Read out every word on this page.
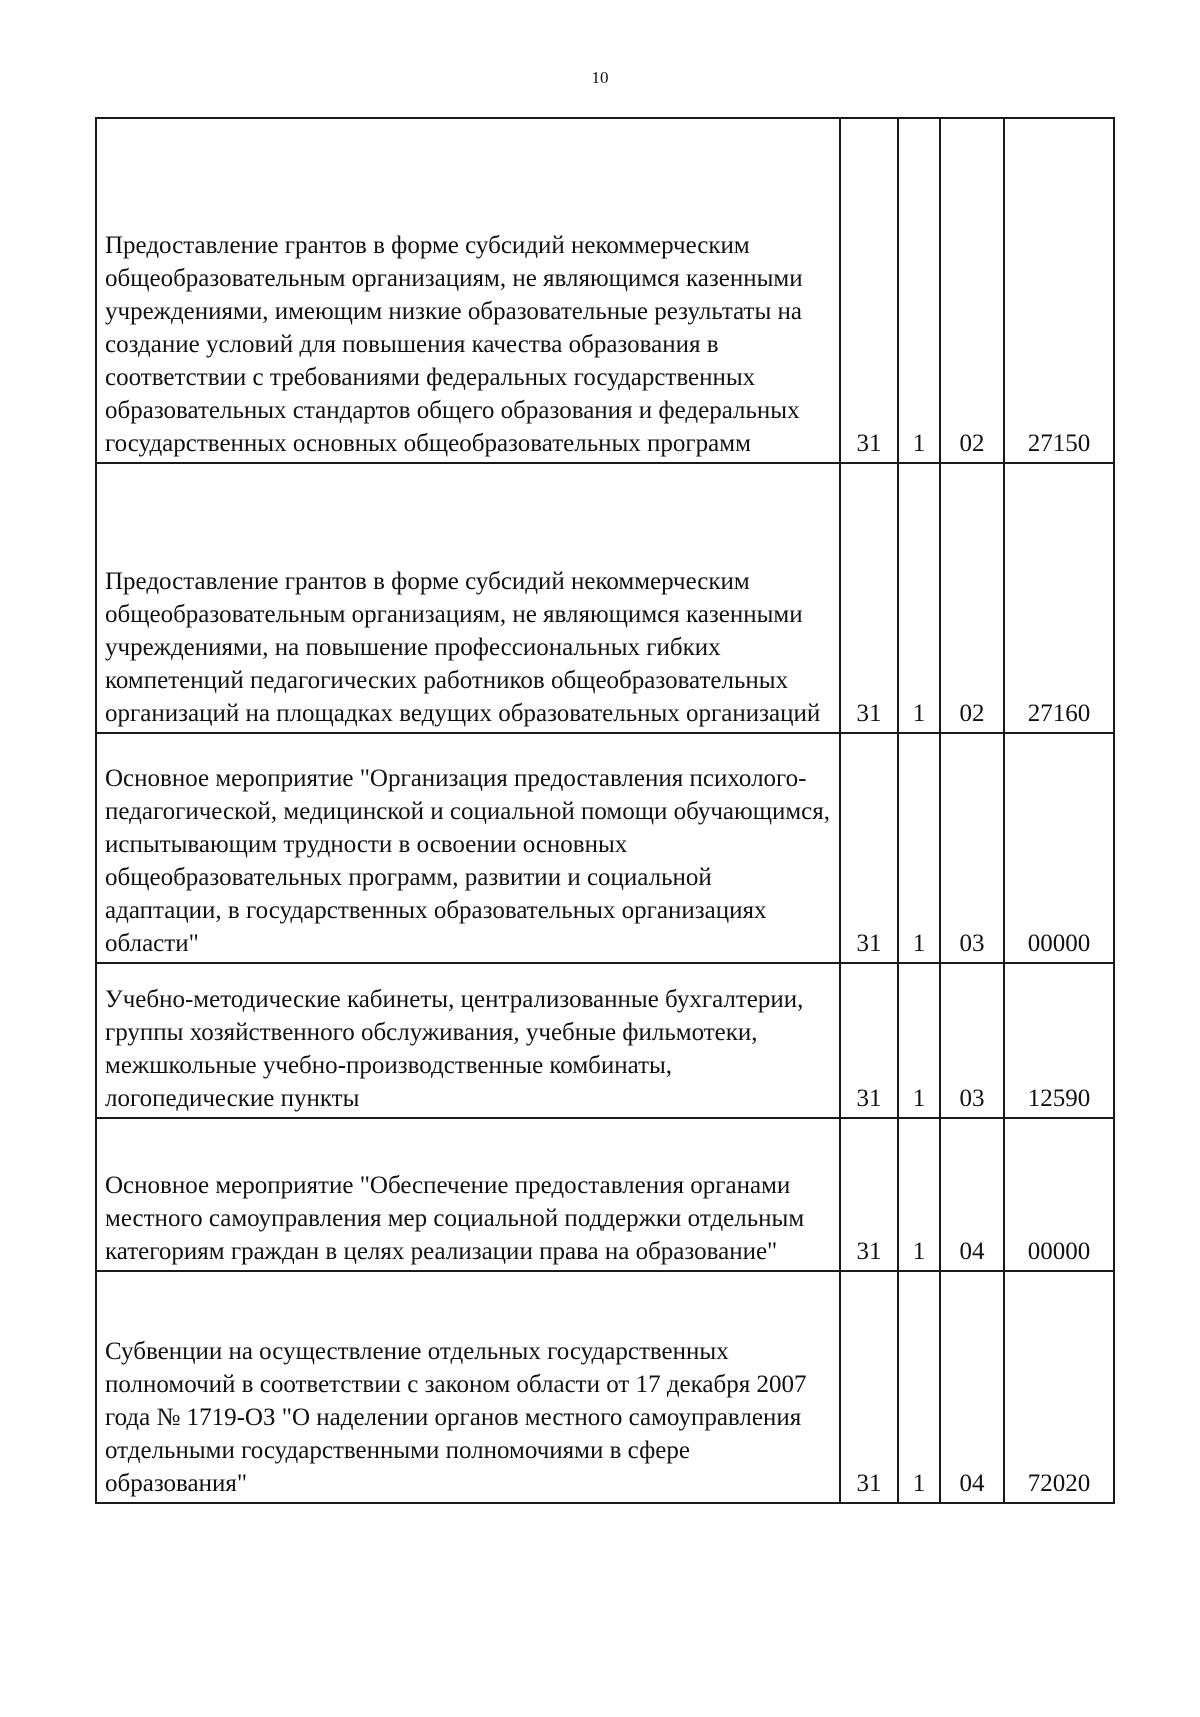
10
Предоставление грантов в форме субсидий некоммерческим общеобразовательным организациям, не являющимся казенными учреждениями, имеющим низкие образовательные результаты на создание условий для повышения качества образования в соответствии с требованиями федеральных государственных образовательных стандартов общего образования и федеральных государственных основных общеобразовательных программ	31	1	02	27150
Предоставление грантов в форме субсидий некоммерческим общеобразовательным организациям, не являющимся казенными учреждениями, на повышение профессиональных гибких компетенций педагогических работников общеобразовательных организаций на площадках ведущих образовательных организаций	31	1	02	27160
Основное мероприятие "Организация предоставления психолого-педагогической, медицинской и социальной помощи обучающимся, испытывающим трудности в освоении основных общеобразовательных программ, развитии и социальной адаптации, в государственных образовательных организациях области"	31	1	03	00000
Учебно-методические кабинеты, централизованные бухгалтерии, группы хозяйственного обслуживания, учебные фильмотеки, межшкольные учебно-производственные комбинаты, логопедические пункты	31	1	03	12590
Основное мероприятие "Обеспечение предоставления органами местного самоуправления мер социальной поддержки отдельным категориям граждан в целях реализации права на образование"	31	1	04	00000
Субвенции на осуществление отдельных государственных полномочий в соответствии с законом области от 17 декабря 2007 года № 1719-ОЗ "О наделении органов местного самоуправления отдельными государственными полномочиями в сфере образования"	31	1	04	72020
